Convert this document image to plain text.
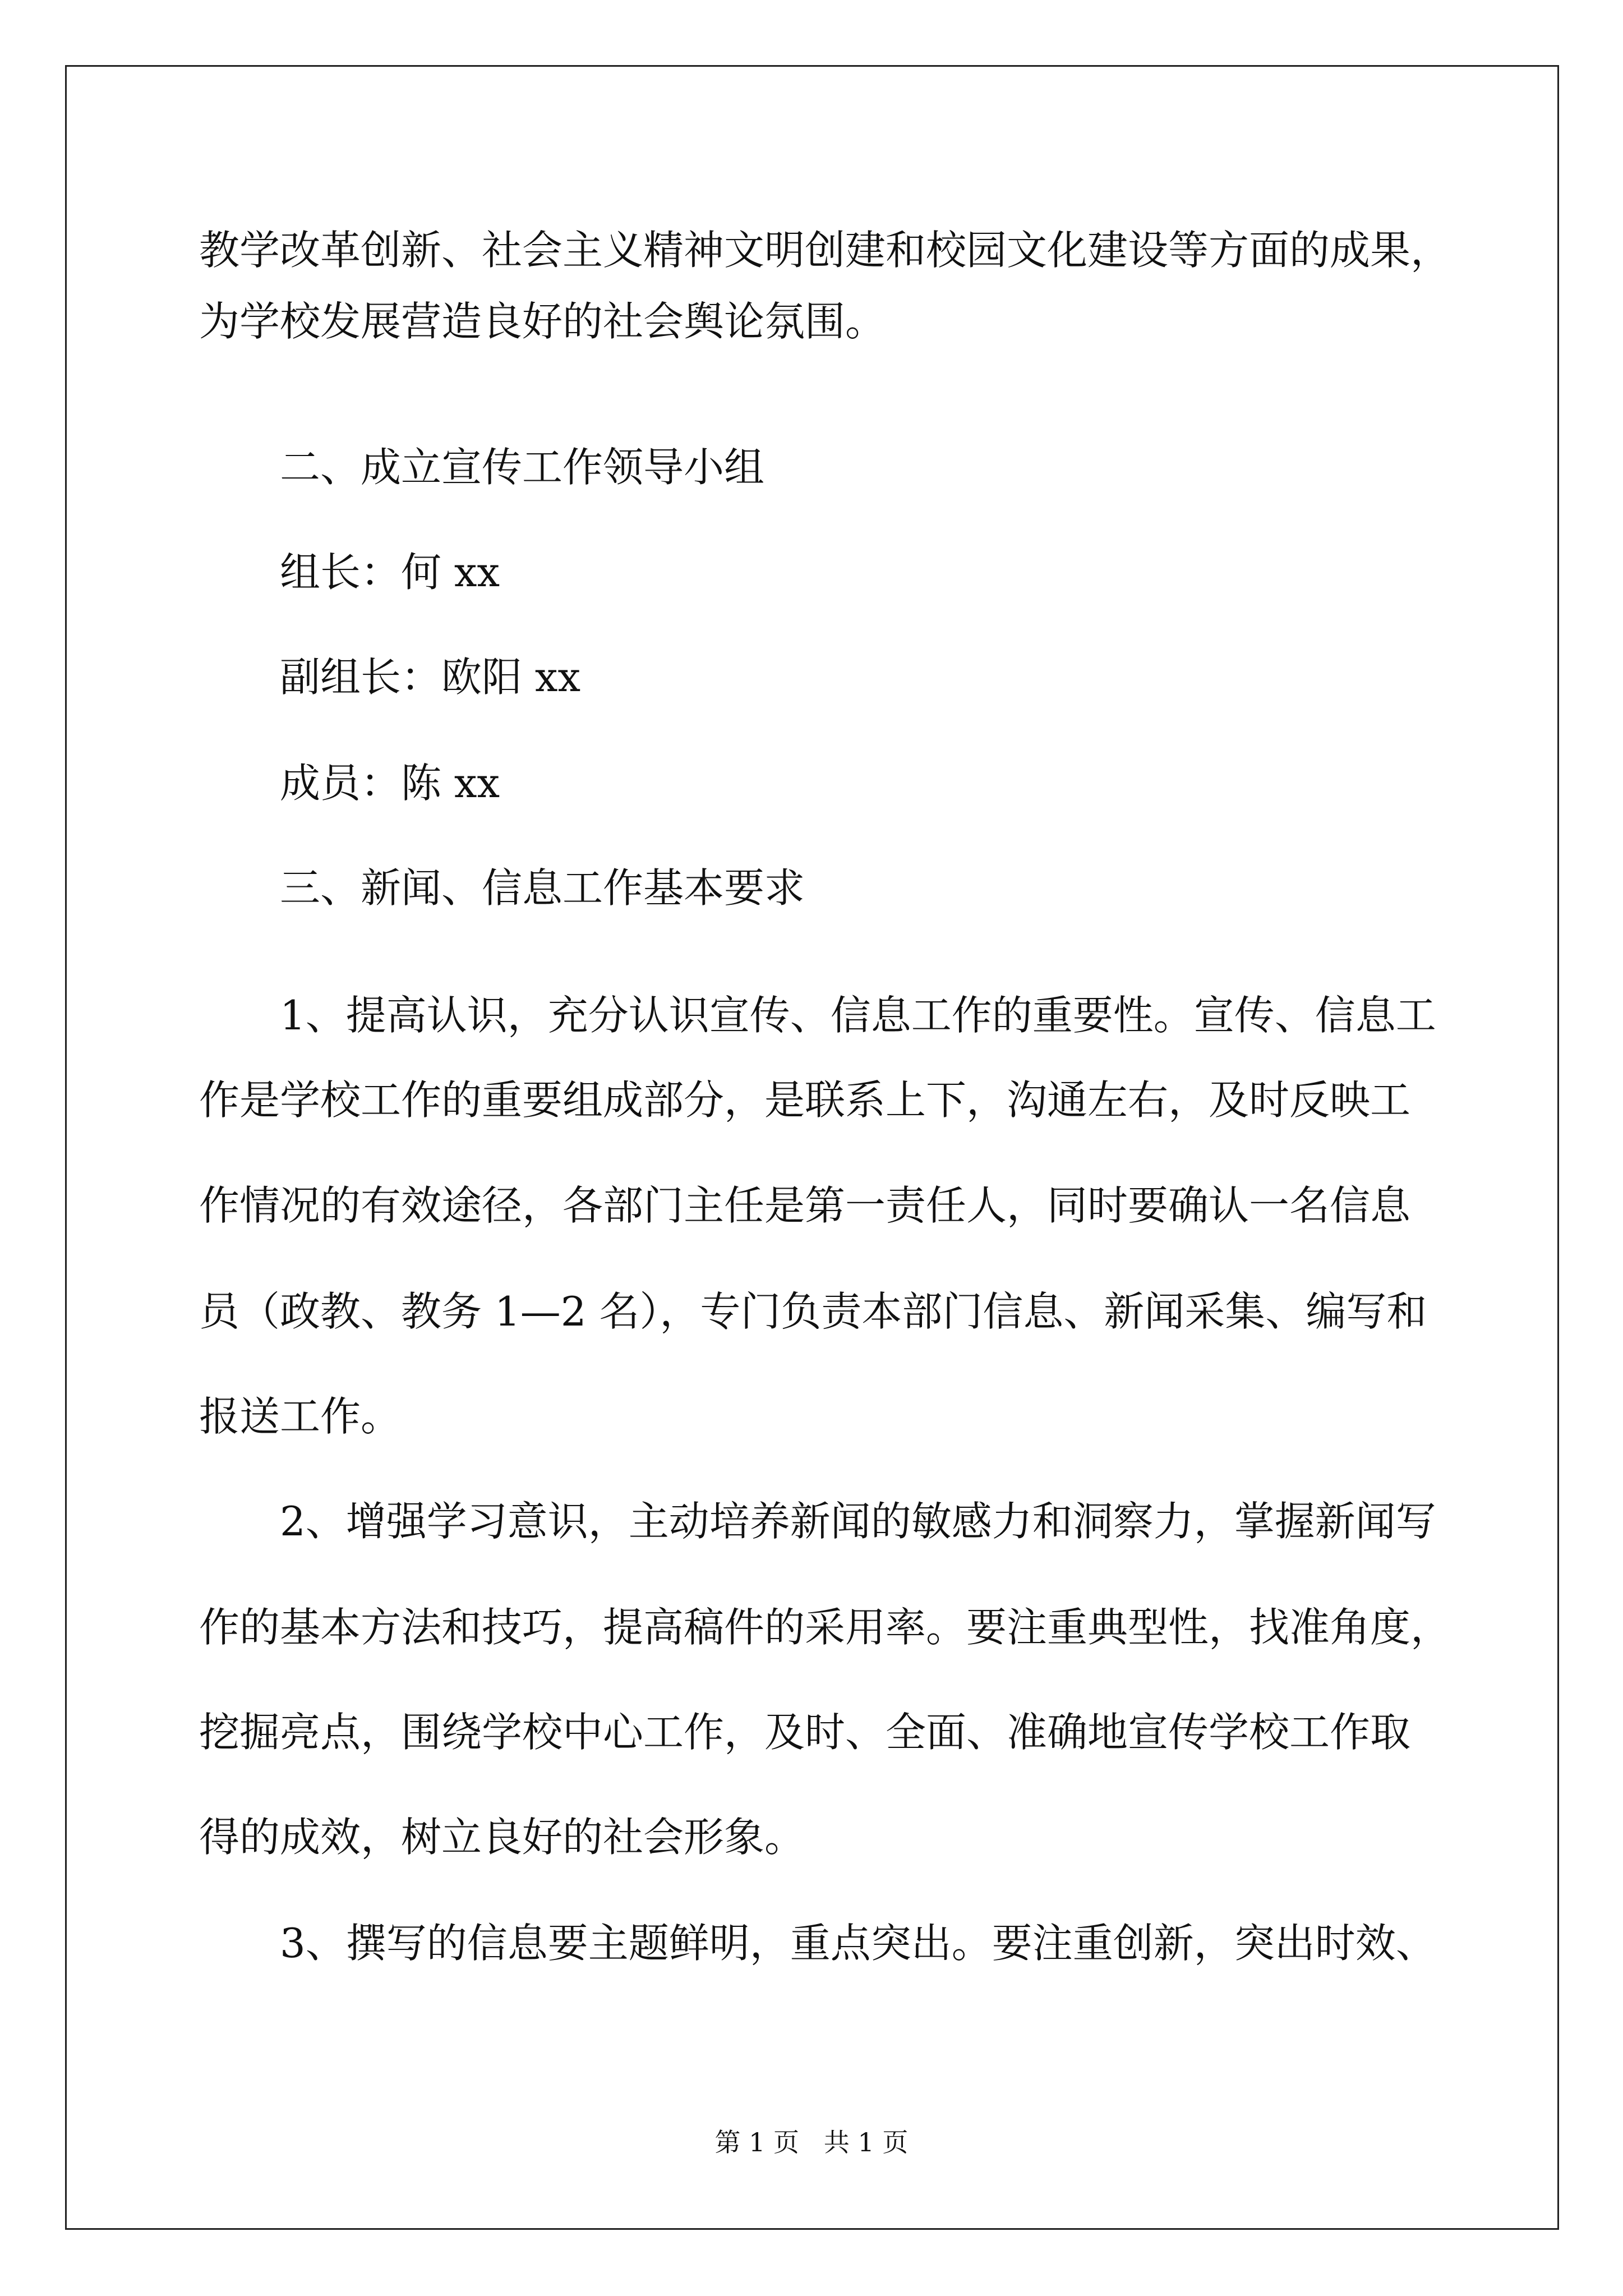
教学改革创新、社会主义精神文明创建和校园文化建设等方面的成果，
为学校发展营造良好的社会舆论氛围。
二、成立宣传工作领导小组
组长：何 xx
副组长：欧阳 xx
成员：陈 xx
三、新闻、信息工作基本要求
1、提高认识，充分认识宣传、信息工作的重要性。宣传、信息工
作是学校工作的重要组成部分，是联系上下，沟通左右，及时反映工
作情况的有效途径，各部门主任是第一责任人，同时要确认一名信息
员（政教、教务 1—2 名），专门负责本部门信息、新闻采集、编写和
报送工作。
2、增强学习意识，主动培养新闻的敏感力和洞察力，掌握新闻写
作的基本方法和技巧，提高稿件的采用率。要注重典型性，找准角度，
挖掘亮点，围绕学校中心工作，及时、全面、准确地宣传学校工作取
得的成效，树立良好的社会形象。
3、撰写的信息要主题鲜明，重点突出。要注重创新，突出时效、
第 1 页   共 1 页
